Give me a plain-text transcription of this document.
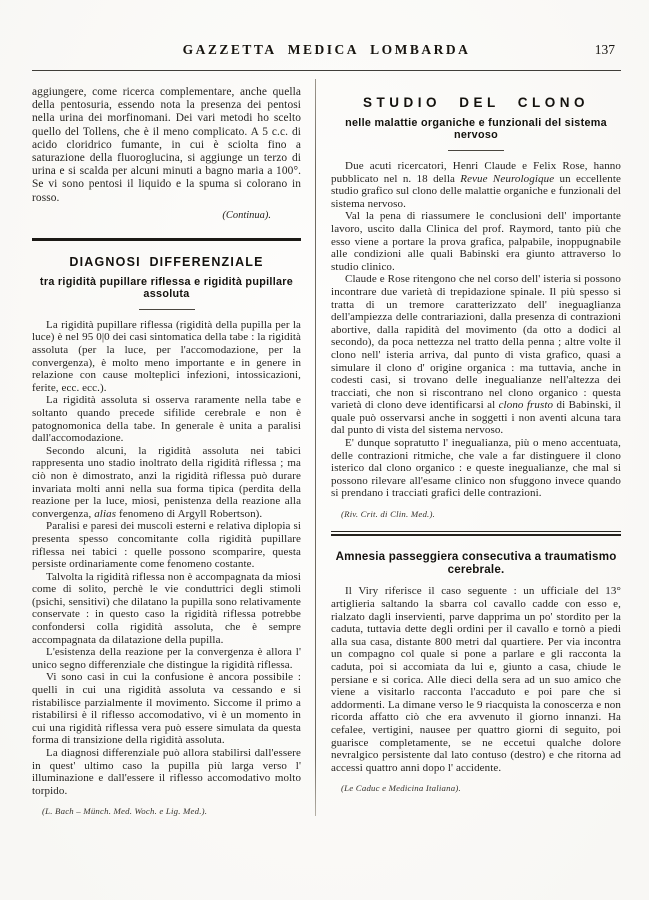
GAZZETTA MEDICA LOMBARDA	137

aggiungere, come ricerca complementare, anche quella della pentosuria, essendo nota la presenza dei pentosi nella urina dei morfinomani. Dei vari metodi ho scelto quello del Tollens, che è il meno complicato. A 5 c.c. di acido cloridrico fumante, in cui è sciolta fino a saturazione della fluoroglucina, si aggiunge un terzo di urina e si scalda per alcuni minuti a bagno maria a 100°. Se vi sono pentosi il liquido e la spuma si colorano in rosso.

(Continua).

DIAGNOSI DIFFERENZIALE
tra rigidità pupillare riflessa e rigidità pupillare assoluta

La rigidità pupillare riflessa (rigidità della pupilla per la luce) è nel 95 0|0 dei casi sintomatica della tabe : la rigidità assoluta (per la luce, per l'accomodazione, per la convergenza), è molto meno importante e in genere in relazione con cause molteplici infezioni, intossicazioni, ferite, ecc. ecc.).

La rigidità assoluta si osserva raramente nella tabe e soltanto quando precede sifilide cerebrale e non è patognomonica della tabe. In generale è unita a paralisi dall'accomodazione.

Secondo alcuni, la rigidità assoluta nei tabici rappresenta uno stadio inoltrato della rigidità riflessa ; ma ciò non è dimostrato, anzi la rigidità riflessa può durare invariata molti anni nella sua forma tipica (perdita della reazione per la luce, miosi, penistenza della reazione alla convergenza, alias fenomeno di Argyll Robertson).

Paralisi e paresi dei muscoli esterni e relativa diplopia si presenta spesso concomitante colla rigidità pupillare riflessa nei tabici : quelle possono scomparire, questa persiste ordinariamente come fenomeno costante.

Talvolta la rigidità riflessa non è accompagnata da miosi come di solito, perchè le vie conduttrici degli stimoli (psichi, sensitivi) che dilatano la pupilla sono relativamente conservate : in questo caso la rigidità riflessa potrebbe confondersi colla rigidità assoluta, che è sempre accompagnata da dilatazione della pupilla.

L'esistenza della reazione per la convergenza è allora l' unico segno differenziale che distingue la rigidità riflessa.

Vi sono casi in cui la confusione è ancora possibile : quelli in cui una rigidità assoluta va cessando e si ristabilisce parzialmente il movimento. Siccome il primo a ristabilirsi è il riflesso accomodativo, vi è un momento in cui una rigidità riflessa vera può essere simulata da questa forma di transizione della rigidità assoluta.

La diagnosi differenziale può allora stabilirsi dall'essere in quest' ultimo caso la pupilla più larga verso l' illuminazione e dall'essere il riflesso accomodativo molto torpido.

(L. Bach – Münch. Med. Woch. e Lig. Med.).

STUDIO DEL CLONO
nelle malattie organiche e funzionali del sistema nervoso

Due acuti ricercatori, Henri Claude e Felix Rose, hanno pubblicato nel n. 18 della Revue Neurologique un eccellente studio grafico sul clono delle malattie organiche e funzionali del sistema nervoso.

Val la pena di riassumere le conclusioni dell' importante lavoro, uscito dalla Clinica del prof. Raymord, tanto più che esso viene a portare la prova grafica, palpabile, inoppugnabile alle condizioni alle quali Babinski era giunto attraverso lo studio clinico.

Claude e Rose ritengono che nel corso dell' isteria si possono incontrare due varietà di trepidazione spinale. Il più spesso si tratta di un tremore caratterizzato dell' ineguaglianza dell'ampiezza delle contrariazioni, dalla presenza di contrazioni abortive, dalla rapidità del movimento (da otto a dodici al secondo), da poca nettezza nel tratto della penna ; altre volte il clono nell' isteria arriva, dal punto di vista grafico, quasi a simulare il clono d' origine organica : ma tuttavia, anche in codesti casi, si trovano delle inegualianze nell'altezza dei tracciati, che non si riscontrano nel clono organico : questa varietà di clono deve identificarsi al clono frusto di Babinski, il quale può osservarsi anche in soggetti i non aventi alcuna tara dal punto di vista del sistema nervoso.

E' dunque sopratutto l' inegualianza, più o meno accentuata, delle contrazioni ritmiche, che vale a far distinguere il clono isterico dal clono organico : e queste inegualianze, che mal si possono rilevare all'esame clinico non sfuggono invece quando si prendano i tracciati grafici delle contrazioni.

(Riv. Crit. di Clin. Med.).

Amnesia passeggiera consecutiva a traumatismo cerebrale.

Il Viry riferisce il caso seguente : un ufficiale del 13° artiglieria saltando la sbarra col cavallo cadde con esso e, rialzato dagli inservienti, parve dapprima un po' stordito per la caduta, tuttavia dette degli ordini per il cavallo e tornò a piedi alla sua casa, distante 800 metri dal quartiere. Per via incontra un compagno col quale si pone a parlare e gli racconta la caduta, poi si accomiata da lui e, giunto a casa, chiude le persiane e si corica. Alle dieci della sera ad un suo amico che viene a visitarlo racconta l'accaduto e poi pare che si addormenti. La dimane verso le 9 riacquista la conoscerza e non ricorda affatto ciò che era avvenuto il giorno innanzi. Ha cefalee, vertigini, nausee per quattro giorni di seguito, poi guarisce completamente, se ne eccetui qualche dolore nevralgico persistente dal lato contuso (destro) e che ritorna ad accessi quattro anni dopo l' accidente.

(Le Caduc e Medicina Italiana).
